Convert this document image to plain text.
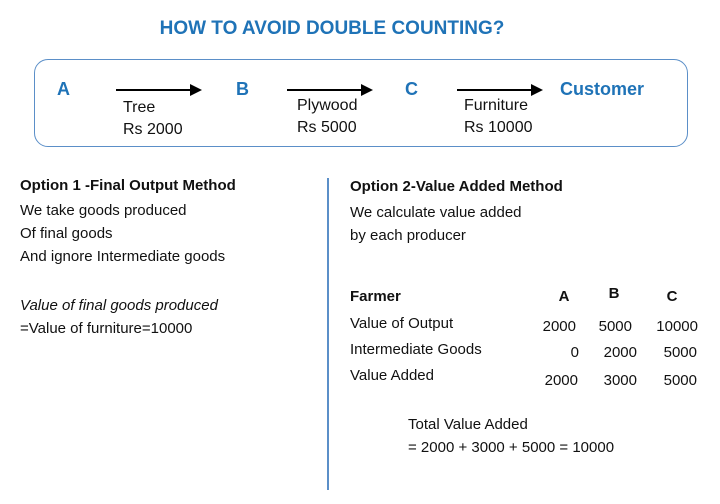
HOW TO AVOID DOUBLE COUNTING?
A	B	C	Customer
Tree
Rs 2000
Plywood
Rs 5000
Furniture
Rs 10000
Option 1 -Final Output Method
We take goods produced
Of final goods
And ignore Intermediate goods
Value of final goods produced
=Value of furniture=10000
Option 2-Value Added Method
We calculate value added
by each producer
Farmer	A	B	C
Value of Output	2000	5000	10000
Intermediate Goods	0	2000	5000
Value Added	2000	3000	5000
Total Value Added
= 2000 + 3000 + 5000 = 10000
